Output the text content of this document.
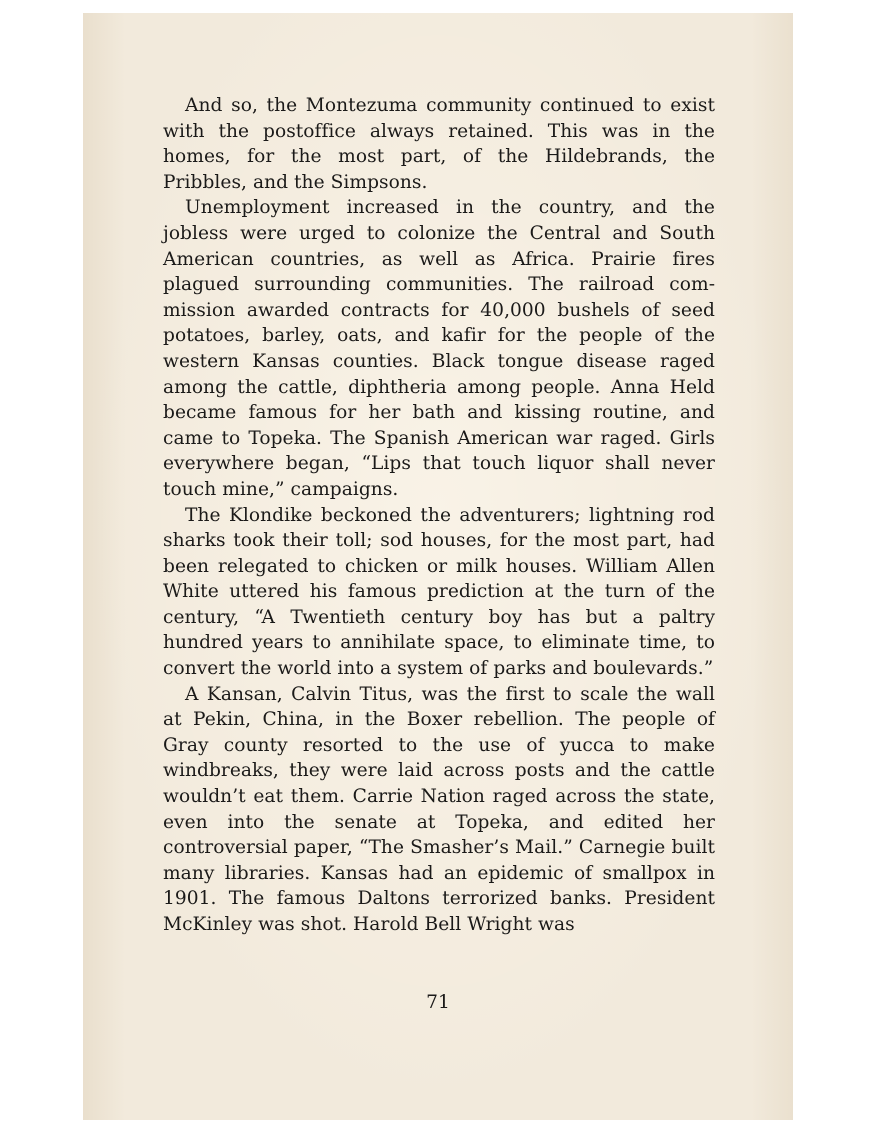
And so, the Montezuma community continued to exist with the postoffice always retained. This was in the homes, for the most part, of the Hildebrands, the Pribbles, and the Simpsons.

Unemployment increased in the country, and the jobless were urged to colonize the Central and South American countries, as well as Africa. Prairie fires plagued surrounding communities. The railroad commission awarded contracts for 40,000 bushels of seed potatoes, barley, oats, and kafir for the people of the western Kansas counties. Black tongue disease raged among the cattle, diphtheria among people. Anna Held became famous for her bath and kissing routine, and came to Topeka. The Spanish American war raged. Girls everywhere began, “Lips that touch liquor shall never touch mine,” campaigns.

The Klondike beckoned the adventurers; lightning rod sharks took their toll; sod houses, for the most part, had been relegated to chicken or milk houses. William Allen White uttered his famous prediction at the turn of the century, “A Twentieth century boy has but a paltry hundred years to annihilate space, to eliminate time, to convert the world into a system of parks and boulevards.”

A Kansan, Calvin Titus, was the first to scale the wall at Pekin, China, in the Boxer rebellion. The people of Gray county resorted to the use of yucca to make windbreaks, they were laid across posts and the cattle wouldn’t eat them. Carrie Nation raged across the state, even into the senate at Topeka, and edited her controversial paper, “The Smasher’s Mail.” Carnegie built many libraries. Kansas had an epidemic of smallpox in 1901. The famous Daltons terrorized banks. President McKinley was shot. Harold Bell Wright was

71
